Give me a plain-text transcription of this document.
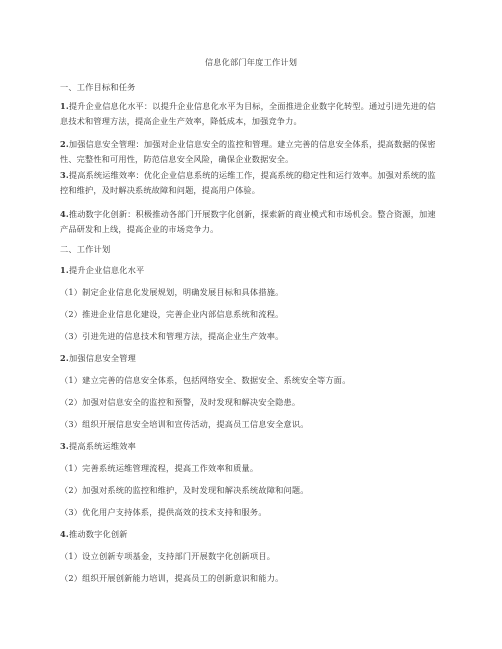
信息化部门年度工作计划
一、工作目标和任务
1.提升企业信息化水平：以提升企业信息化水平为目标，全面推进企业数字化转型。通过引进先进的信息技术和管理方法，提高企业生产效率，降低成本，加强竞争力。
2.加强信息安全管理：加强对企业信息安全的监控和管理。建立完善的信息安全体系，提高数据的保密性、完整性和可用性，防范信息安全风险，确保企业数据安全。
3.提高系统运维效率：优化企业信息系统的运维工作，提高系统的稳定性和运行效率。加强对系统的监控和维护，及时解决系统故障和问题，提高用户体验。
4.推动数字化创新：积极推动各部门开展数字化创新，探索新的商业模式和市场机会。整合资源，加速产品研发和上线，提高企业的市场竞争力。
二、工作计划
1.提升企业信息化水平
（1）制定企业信息化发展规划，明确发展目标和具体措施。
（2）推进企业信息化建设，完善企业内部信息系统和流程。
（3）引进先进的信息技术和管理方法，提高企业生产效率。
2.加强信息安全管理
（1）建立完善的信息安全体系，包括网络安全、数据安全、系统安全等方面。
（2）加强对信息安全的监控和预警，及时发现和解决安全隐患。
（3）组织开展信息安全培训和宣传活动，提高员工信息安全意识。
3.提高系统运维效率
（1）完善系统运维管理流程，提高工作效率和质量。
（2）加强对系统的监控和维护，及时发现和解决系统故障和问题。
（3）优化用户支持体系，提供高效的技术支持和服务。
4.推动数字化创新
（1）设立创新专项基金，支持部门开展数字化创新项目。
（2）组织开展创新能力培训，提高员工的创新意识和能力。
